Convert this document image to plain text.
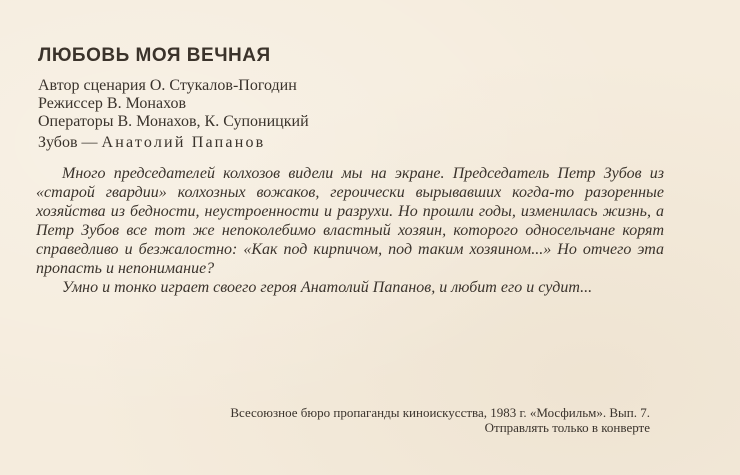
ЛЮБОВЬ МОЯ ВЕЧНАЯ
Автор сценария О. Стукалов-Погодин
Режиссер В. Монахов
Операторы В. Монахов, К. Супоницкий
Зубов — Анатолий Папанов

Много председателей колхозов видели мы на экране. Председатель Петр Зубов из «старой гвардии» колхозных вожаков, героически вырывавших когда-то разоренные хозяйства из бедности, неустроенности и разрухи. Но прошли годы, изменилась жизнь, а Петр Зубов все тот же непоколебимо властный хозяин, которого односельчане корят справедливо и безжалостно: «Как под кирпичом, под таким хозяином...» Но отчего эта пропасть и непонимание?

Умно и тонко играет своего героя Анатолий Папанов, и любит его и судит...

Всесоюзное бюро пропаганды киноискусства, 1983 г. «Мосфильм». Вып. 7.
Отправлять только в конверте
